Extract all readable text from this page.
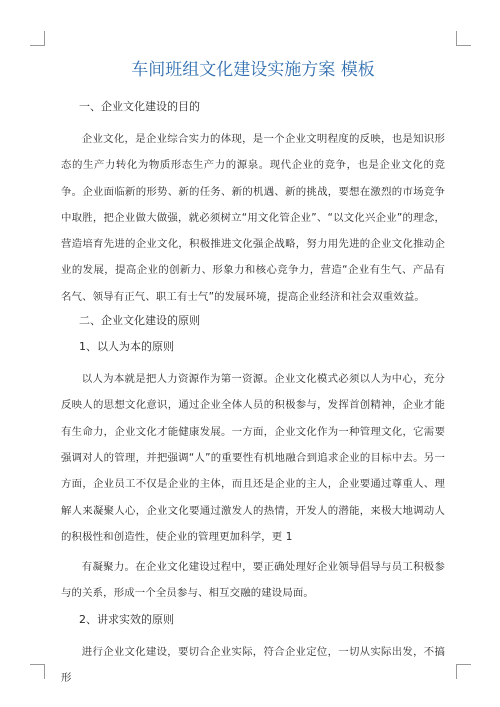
车间班组文化建设实施方案 模板
一、企业文化建设的目的

企业文化，是企业综合实力的体现，是一个企业文明程度的反映，也是知识形态的生产力转化为物质形态生产力的源泉。现代企业的竞争，也是企业文化的竞争。企业面临新的形势、新的任务、新的机遇、新的挑战，要想在激烈的市场竞争中取胜，把企业做大做强，就必须树立“用文化管企业”、“以文化兴企业”的理念，营造培育先进的企业文化，积极推进文化强企战略，努力用先进的企业文化推动企业的发展，提高企业的创新力、形象力和核心竞争力，营造“企业有生气、产品有名气、领导有正气、职工有士气”的发展环境，提高企业经济和社会双重效益。

二、企业文化建设的原则
1、以人为本的原则

以人为本就是把人力资源作为第一资源。企业文化模式必须以人为中心，充分反映人的思想文化意识，通过企业全体人员的积极参与，发挥首创精神，企业才能有生命力，企业文化才能健康发展。一方面，企业文化作为一种管理文化，它需要强调对人的管理，并把强调“人”的重要性有机地融合到追求企业的目标中去。另一方面，企业员工不仅是企业的主体，而且还是企业的主人，企业要通过尊重人、理解人来凝聚人心，企业文化要通过激发人的热情，开发人的潜能，来极大地调动人的积极性和创造性，使企业的管理更加科学，更 1

有凝聚力。在企业文化建设过程中，要正确处理好企业领导倡导与员工积极参与的关系，形成一个全员参与、相互交融的建设局面。

2、讲求实效的原则

进行企业文化建设，要切合企业实际，符合企业定位，一切从实际出发，不搞形
